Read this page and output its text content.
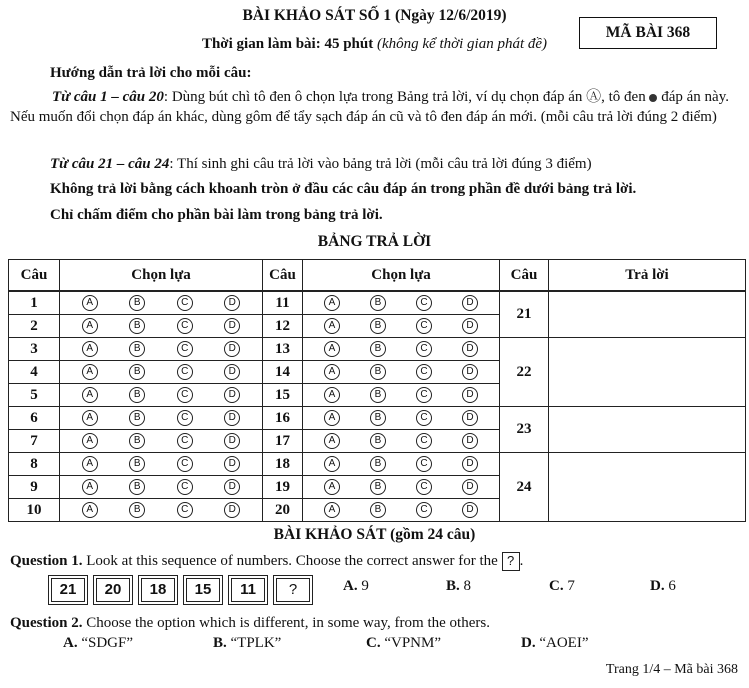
BÀI KHẢO SÁT SỐ 1 (Ngày 12/6/2019)
Thời gian làm bài: 45 phút (không kể thời gian phát đề)
MÃ BÀI 368
Hướng dẫn trả lời cho mỗi câu:
Từ câu 1 – câu 20: Dùng bút chì tô đen ô chọn lựa trong Bảng trả lời, ví dụ chọn đáp án Ⓐ, tô đen đáp án này. Nếu muốn đổi chọn đáp án khác, dùng gôm để tẩy sạch đáp án cũ và tô đen đáp án mới. (mỗi câu trả lời đúng 2 điểm)
Từ câu 21 – câu 24: Thí sinh ghi câu trả lời vào bảng trả lời (mỗi câu trả lời đúng 3 điểm)
Không trả lời bằng cách khoanh tròn ở đầu các câu đáp án trong phần đề dưới bảng trả lời.
Chỉ chấm điểm cho phần bài làm trong bảng trả lời.
BẢNG TRẢ LỜI
Câu	Chọn lựa	Câu	Chọn lựa	Câu	Trả lời
1	A B C D	11	A B C D	21	
2	A B C D	12	A B C D		

3	A B C D	13	A B C D	22	
4	A B C D	14	A B C D		

5	A B C D	15	A B C D		

6	A B C D	16	A B C D	23	
7	A B C D	17	A B C D		

8	A B C D	18	A B C D	24	
9	A B C D	19	A B C D		

10	A B C D	20	A B C D		
BÀI KHẢO SÁT (gồm 24 câu)
Question 1. Look at this sequence of numbers. Choose the correct answer for the ? .
21	20	18	15	11	?	A. 9	B. 8	C. 7	D. 6
Question 2. Choose the option which is different, in some way, from the others.
A. “SDGF”	B. “TPLK”	C. “VPNM”	D. “AOEI”
Trang 1/4 – Mã bài 368
